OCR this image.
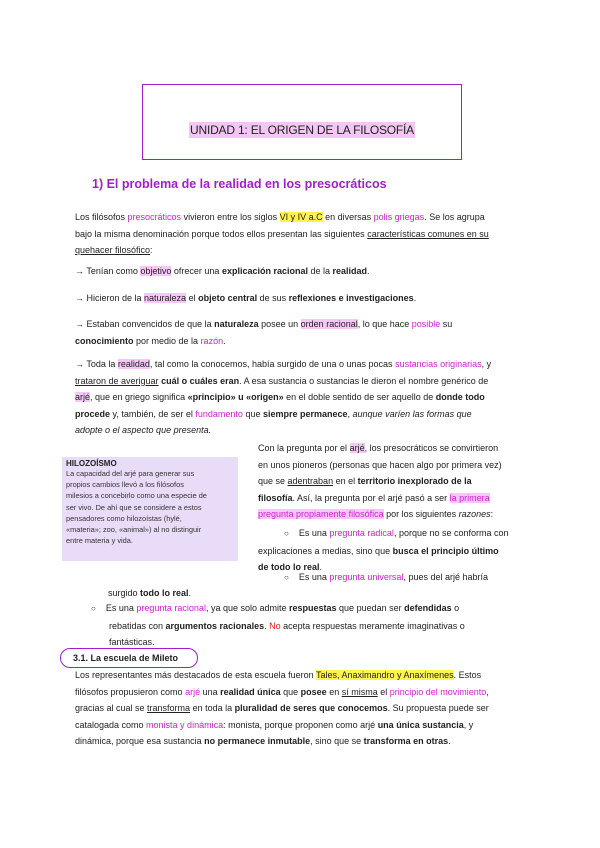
UNIDAD 1: EL ORIGEN DE LA FILOSOFÍA
1) El problema de la realidad en los presocráticos
Los filósofos presocráticos vivieron entre los siglos VI y IV a.C en diversas polis griegas. Se los agrupa
bajo la misma denominación porque todos ellos presentan las siguientes características comunes en su
quehacer filosófico:
→ Tenían como objetivo ofrecer una explicación racional de la realidad.
→ Hicieron de la naturaleza el objeto central de sus reflexiones e investigaciones.
→ Estaban convencidos de que la naturaleza posee un orden racional, lo que hace posible su
conocimiento por medio de la razón.
→ Toda la realidad, tal como la conocemos, había surgido de una o unas pocas sustancias originarias, y
trataron de averiguar cuál o cuáles eran. A esa sustancia o sustancias le dieron el nombre genérico de
arjé, que en griego significa «principio» u «origen» en el doble sentido de ser aquello de donde todo
procede y, también, de ser el fundamento que siempre permanece, aunque varíen las formas que
adopte o el aspecto que presenta.
HILOZOÍSMO
La capacidad del arjé para generar sus
propios cambios llevó a los filósofos
milesios a concebirlo como una especie de
ser vivo. De ahí que se considere a estos
pensadores como hilozoístas (hylé,
«materia»; zoo, «animal») al no distinguir
entre materia y vida.
Con la pregunta por el arjé, los presocráticos se convirtieron
en unos pioneros (personas que hacen algo por primera vez)
que se adentraban en el territorio inexplorado de la
filosofía. Así, la pregunta por el arjé pasó a ser la primera
pregunta propiamente filosófica por los siguientes razones:
○ Es una pregunta radical, porque no se conforma con
explicaciones a medias, sino que busca el principio último
de todo lo real.
○ Es una pregunta universal, pues del arjé habría
surgido todo lo real.
○ Es una pregunta racional, ya que solo admite respuestas que puedan ser defendidas o
rebatidas con argumentos racionales. No acepta respuestas meramente imaginativas o
fantásticas.
3.1. La escuela de Mileto
Los representantes más destacados de esta escuela fueron Tales, Anaximandro y Anaxímenes. Estos
filósofos propusieron como arjé una realidad única que posee en sí misma el principio del movimiento,
gracias al cual se transforma en toda la pluralidad de seres que conocemos. Su propuesta puede ser
catalogada como monista y dinámica: monista, porque proponen como arjé una única sustancia, y
dinámica, porque esa sustancia no permanece inmutable, sino que se transforma en otras.
